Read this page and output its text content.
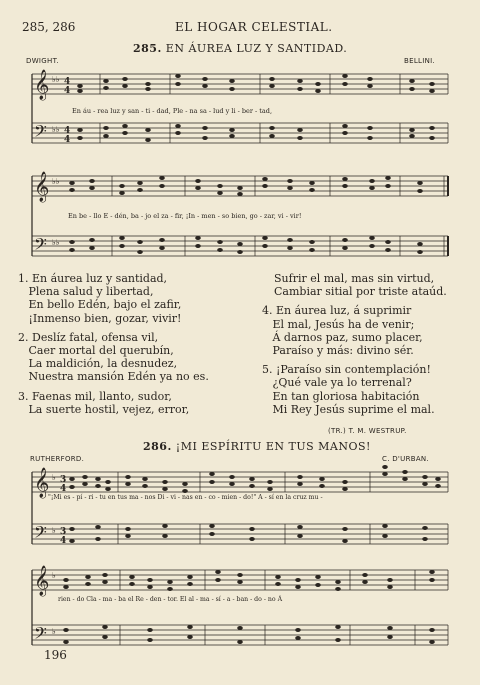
285, 286	EL HOGAR CELESTIAL.
285. EN ÁUREA LUZ Y SANTIDAD.
DWIGHT.	BELLINI.
𝄞
𝄢
♭♭
♭♭
4
4
4
4
En áu - rea luz y san - ti - dad, Ple - na sa - lud y li - ber - tad,
𝄞
𝄢
♭♭
♭♭
En be - llo E - dén, ba - jo el za - fir, ¡In - men - so bien, go - zar, vi - vir!
1. En áurea luz y santidad,
Plena salud y libertad,
En bello Edén, bajo el zafir,
¡Inmenso bien, gozar, vivir!
2. Deslíz fatal, ofensa vil,
Caer mortal del querubín,
La maldición, la desnudez,
Nuestra mansión Edén ya no es.
3. Faenas mil, llanto, sudor,
La suerte hostil, vejez, error,
Sufrir el mal, mas sin virtud,
Cambiar sitial por triste ataúd.
4. En áurea luz, á suprimir
El mal, Jesús ha de venir;
Á darnos paz, sumo placer,
Paraíso y más: divino sér.
5. ¡Paraíso sin contemplación!
¿Qué vale ya lo terrenal?
En tan gloriosa habitación
Mi Rey Jesús suprime el mal.
(TR.) T. M. WESTRUP.
286. ¡MI ESPÍRITU EN TUS MANOS!
RUTHERFORD.	C. D'URBAN.
𝄞
𝄢
♭
♭
3
4
3
4
"¡Mi es - pí - ri - tu en tus ma - nos Di - vi - nas en - co - mien - do!" A - sí en la cruz mu -
𝄞
𝄢
♭
♭
rien - do Cla - ma - ba el Re - den - tor. El al - ma - sí - a - ban - do - no Á
196
